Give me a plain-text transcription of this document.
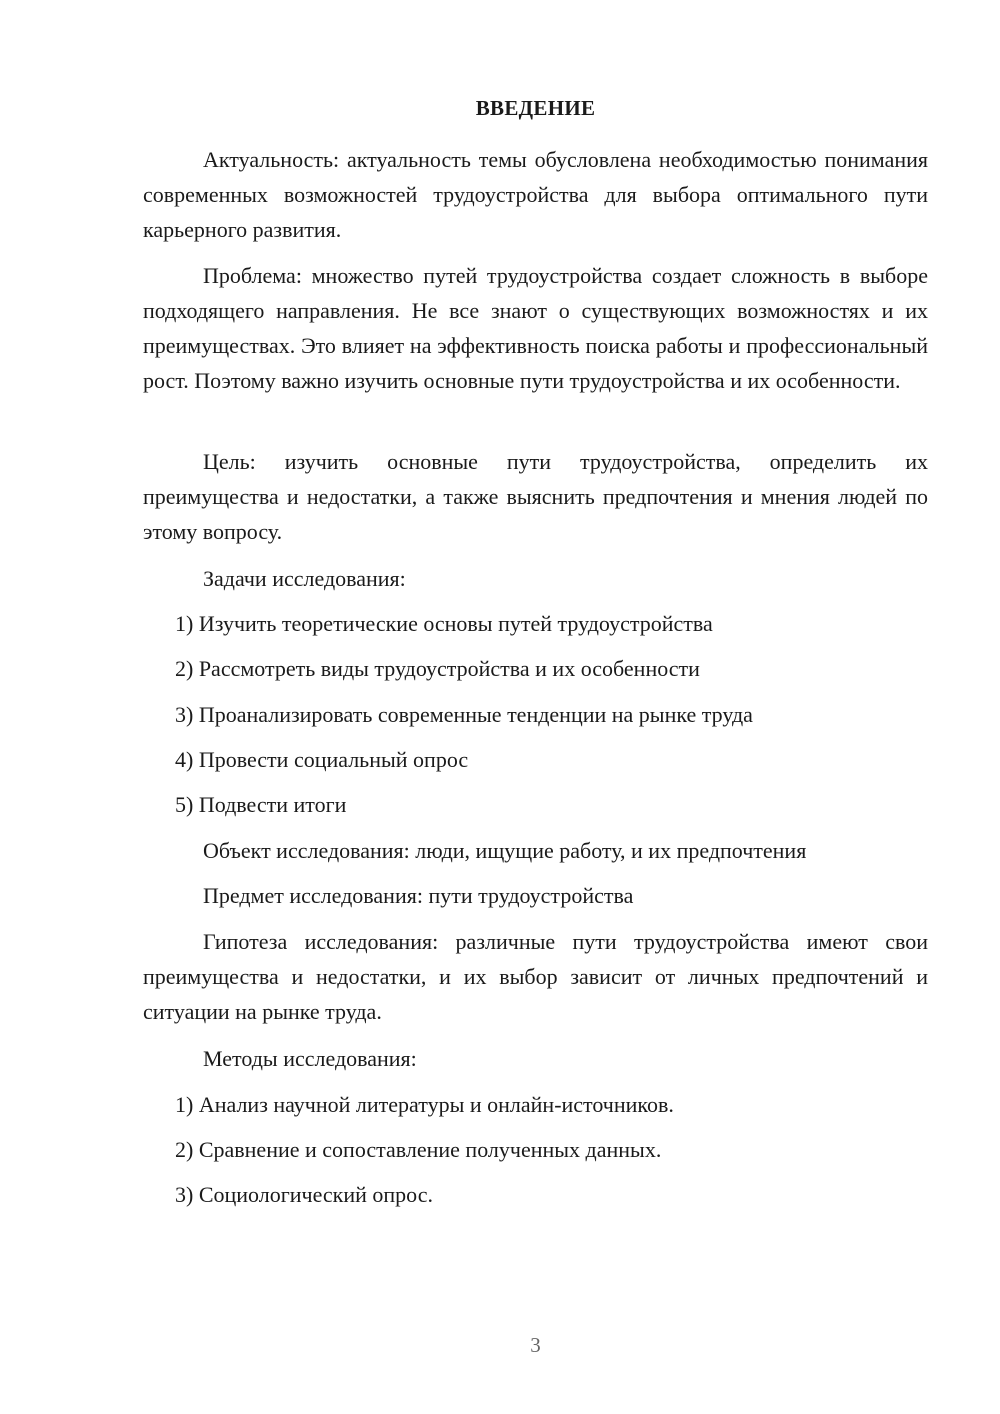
ВВЕДЕНИЕ

Актуальность: актуальность темы обусловлена необходимостью понимания современных возможностей трудоустройства для выбора оптимального пути карьерного развития.

Проблема: множество путей трудоустройства создает сложность в выборе подходящего направления. Не все знают о существующих возможностях и их преимуществах. Это влияет на эффективность поиска работы и профессиональный рост. Поэтому важно изучить основные пути трудоустройства и их особенности.

Цель: изучить основные пути трудоустройства, определить их преимущества и недостатки, а также выяснить предпочтения и мнения людей по этому вопросу.

Задачи исследования:
1) Изучить теоретические основы путей трудоустройства
2) Рассмотреть виды трудоустройства и их особенности
3) Проанализировать современные тенденции на рынке труда
4) Провести социальный опрос
5) Подвести итоги
Объект исследования: люди, ищущие работу, и их предпочтения
Предмет исследования: пути трудоустройства

Гипотеза исследования: различные пути трудоустройства имеют свои преимущества и недостатки, и их выбор зависит от личных предпочтений и ситуации на рынке труда.

Методы исследования:
1) Анализ научной литературы и онлайн-источников.
2) Сравнение и сопоставление полученных данных.
3) Социологический опрос.
3
